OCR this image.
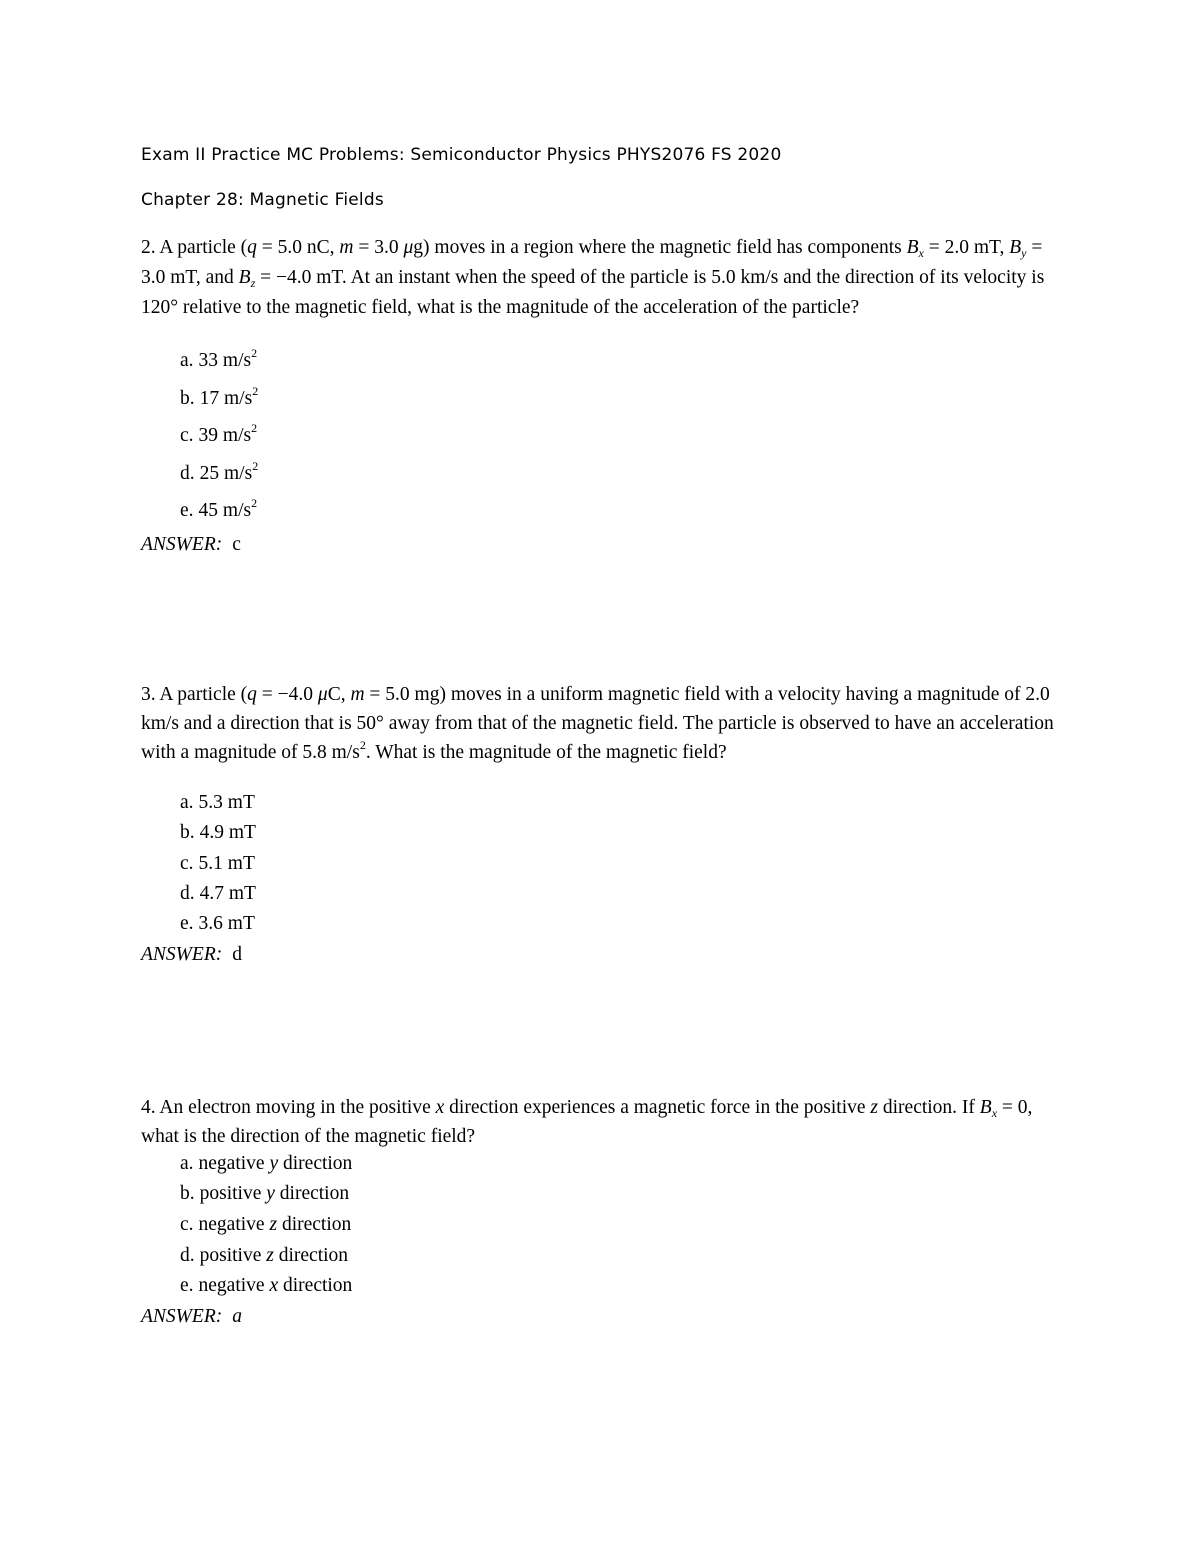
Exam II Practice MC Problems: Semiconductor Physics PHYS2076 FS 2020
Chapter 28: Magnetic Fields
2. A particle (q = 5.0 nC, m = 3.0 μg) moves in a region where the magnetic field has components $B_x = 2.0$ mT, $B_y = 3.0$ mT, and $B_z = -4.0$ mT. At an instant when the speed of the particle is 5.0 km/s and the direction of its velocity is 120° relative to the magnetic field, what is the magnitude of the acceleration of the particle?
a. 33 $m/s^2$
b. 17 $m/s^2$
c. 39 $m/s^2$
d. 25 $m/s^2$
e. 45 $m/s^2$
ANSWER: c
3. A particle (q = −4.0 μC, m = 5.0 mg) moves in a uniform magnetic field with a velocity having a magnitude of 2.0 km/s and a direction that is 50° away from that of the magnetic field. The particle is observed to have an acceleration with a magnitude of 5.8 $m/s^2$. What is the magnitude of the magnetic field?
a. 5.3 mT
b. 4.9 mT
c. 5.1 mT
d. 4.7 mT
e. 3.6 mT
ANSWER: d
4. An electron moving in the positive x direction experiences a magnetic force in the positive z direction. If $B_x = 0$, what is the direction of the magnetic field?
a. negative y direction
b. positive y direction
c. negative z direction
d. positive z direction
e. negative x direction
ANSWER: a
